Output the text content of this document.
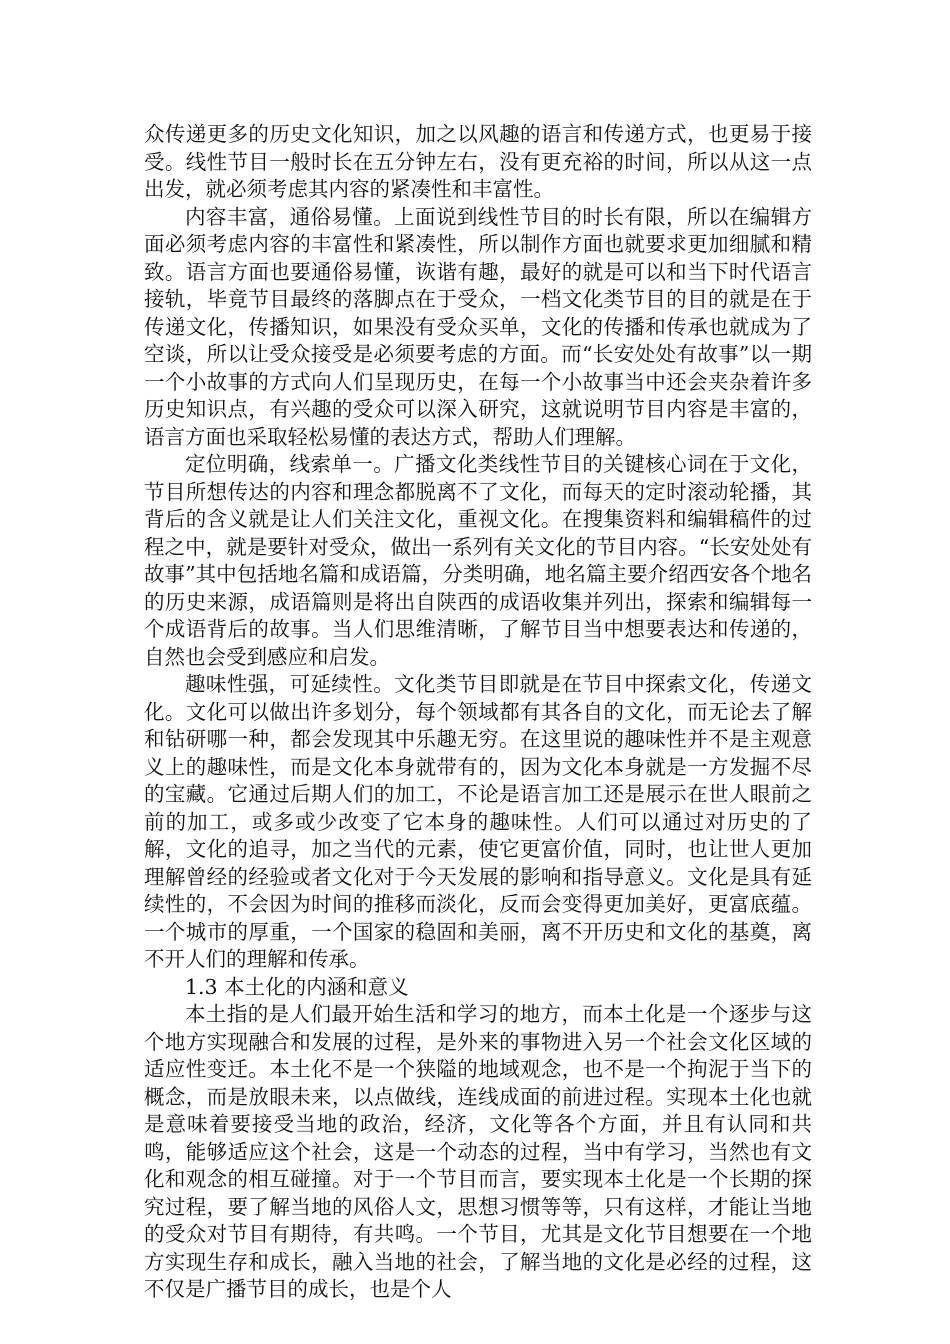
众传递更多的历史文化知识，加之以风趣的语言和传递方式，也更易于接受。线性节目一般时长在五分钟左右，没有更充裕的时间，所以从这一点出发，就必须考虑其内容的紧凑性和丰富性。

内容丰富，通俗易懂。上面说到线性节目的时长有限，所以在编辑方面必须考虑内容的丰富性和紧凑性，所以制作方面也就要求更加细腻和精致。语言方面也要通俗易懂，诙谐有趣，最好的就是可以和当下时代语言接轨，毕竟节目最终的落脚点在于受众，一档文化类节目的目的就是在于传递文化，传播知识，如果没有受众买单，文化的传播和传承也就成为了空谈，所以让受众接受是必须要考虑的方面。而“长安处处有故事”以一期一个小故事的方式向人们呈现历史，在每一个小故事当中还会夹杂着许多历史知识点，有兴趣的受众可以深入研究，这就说明节目内容是丰富的，语言方面也采取轻松易懂的表达方式，帮助人们理解。

定位明确，线索单一。广播文化类线性节目的关键核心词在于文化，节目所想传达的内容和理念都脱离不了文化，而每天的定时滚动轮播，其背后的含义就是让人们关注文化，重视文化。在搜集资料和编辑稿件的过程之中，就是要针对受众，做出一系列有关文化的节目内容。“长安处处有故事”其中包括地名篇和成语篇，分类明确，地名篇主要介绍西安各个地名的历史来源，成语篇则是将出自陕西的成语收集并列出，探索和编辑每一个成语背后的故事。当人们思维清晰，了解节目当中想要表达和传递的，自然也会受到感应和启发。

趣味性强，可延续性。文化类节目即就是在节目中探索文化，传递文化。文化可以做出许多划分，每个领域都有其各自的文化，而无论去了解和钻研哪一种，都会发现其中乐趣无穷。在这里说的趣味性并不是主观意义上的趣味性，而是文化本身就带有的，因为文化本身就是一方发掘不尽的宝藏。它通过后期人们的加工，不论是语言加工还是展示在世人眼前之前的加工，或多或少改变了它本身的趣味性。人们可以通过对历史的了解，文化的追寻，加之当代的元素，使它更富价值，同时，也让世人更加理解曾经的经验或者文化对于今天发展的影响和指导意义。文化是具有延续性的，不会因为时间的推移而淡化，反而会变得更加美好，更富底蕴。一个城市的厚重，一个国家的稳固和美丽，离不开历史和文化的基奠，离不开人们的理解和传承。

1.3 本土化的内涵和意义

本土指的是人们最开始生活和学习的地方，而本土化是一个逐步与这个地方实现融合和发展的过程，是外来的事物进入另一个社会文化区域的适应性变迁。本土化不是一个狭隘的地域观念，也不是一个拘泥于当下的概念，而是放眼未来，以点做线，连线成面的前进过程。实现本土化也就是意味着要接受当地的政治，经济，文化等各个方面，并且有认同和共鸣，能够适应这个社会，这是一个动态的过程，当中有学习，当然也有文化和观念的相互碰撞。对于一个节目而言，要实现本土化是一个长期的探究过程，要了解当地的风俗人文，思想习惯等等，只有这样，才能让当地的受众对节目有期待，有共鸣。一个节目，尤其是文化节目想要在一个地方实现生存和成长，融入当地的社会，了解当地的文化是必经的过程，这不仅是广播节目的成长，也是个人
